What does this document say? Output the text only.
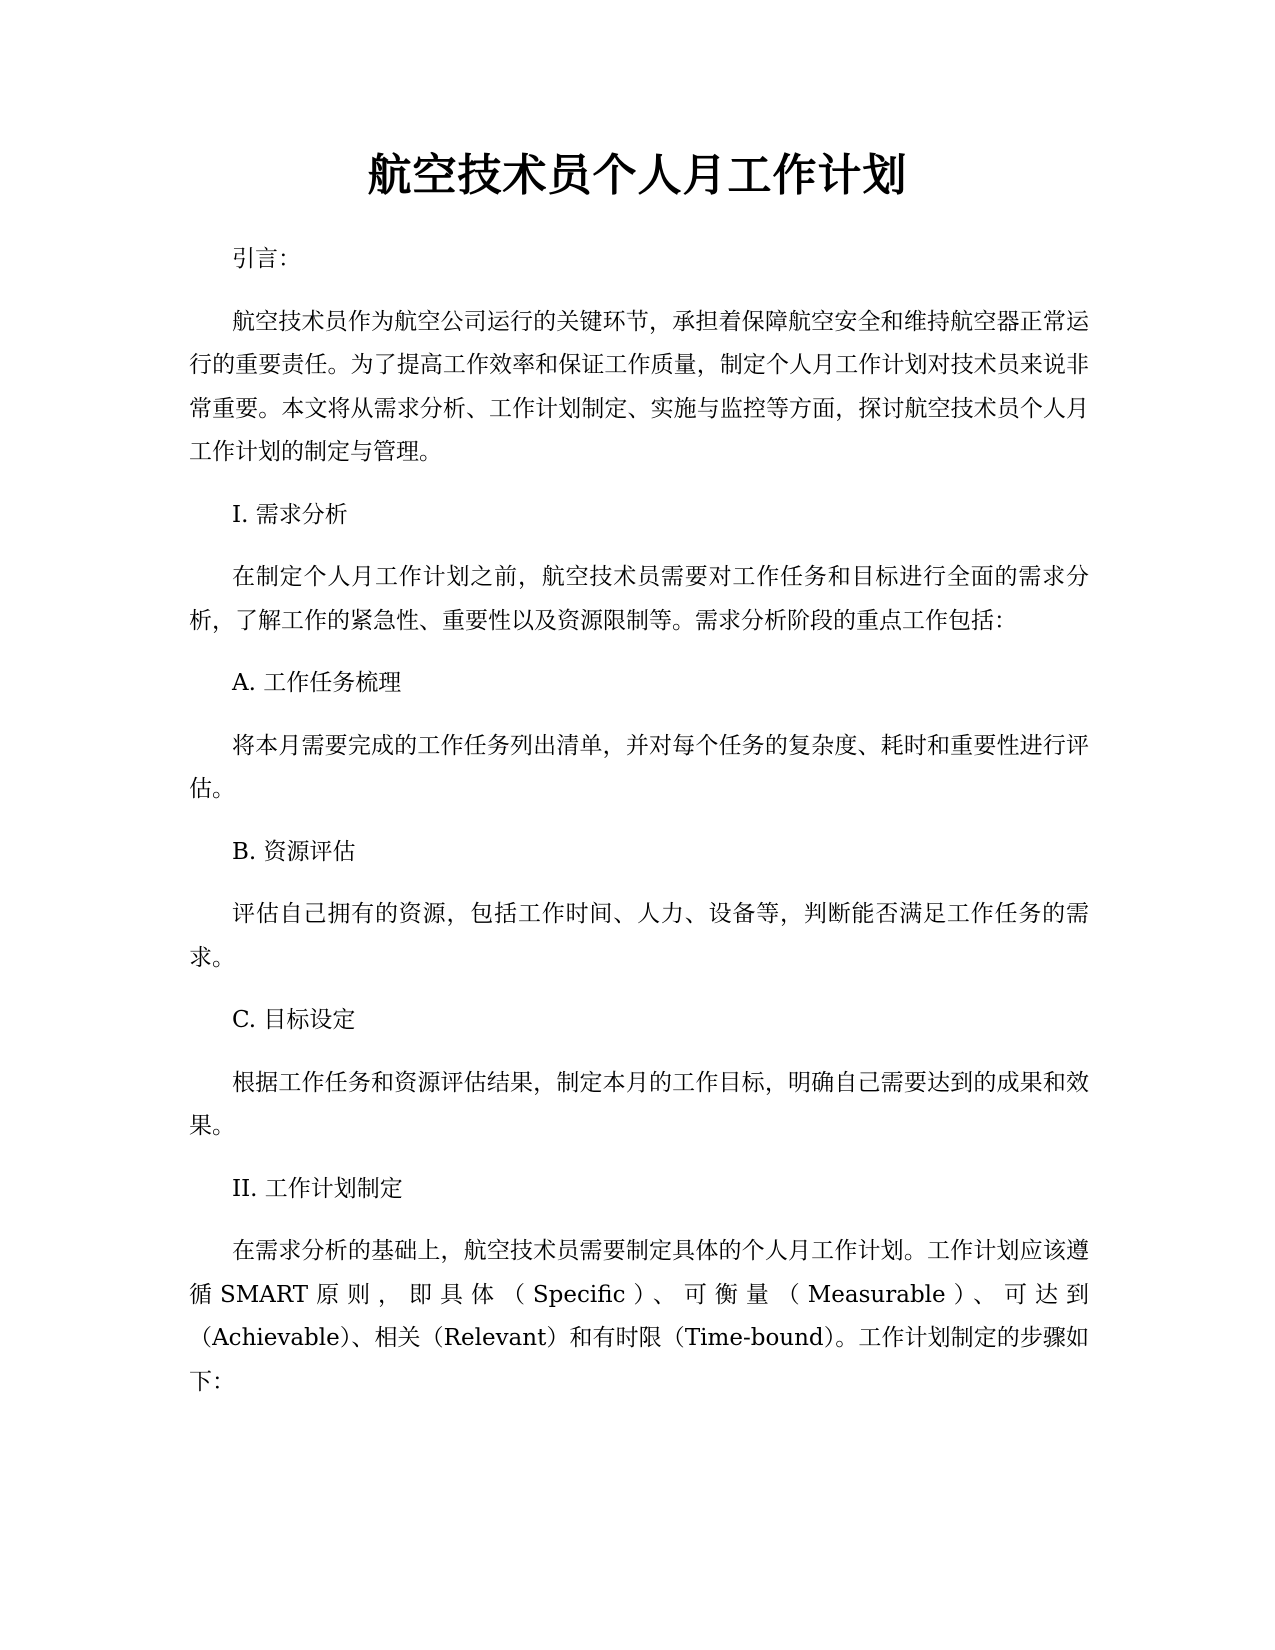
航空技术员个人月工作计划

引言：

航空技术员作为航空公司运行的关键环节，承担着保障航空安全和维持航空器正常运行的重要责任。为了提高工作效率和保证工作质量，制定个人月工作计划对技术员来说非常重要。本文将从需求分析、工作计划制定、实施与监控等方面，探讨航空技术员个人月工作计划的制定与管理。

I. 需求分析

在制定个人月工作计划之前，航空技术员需要对工作任务和目标进行全面的需求分析，了解工作的紧急性、重要性以及资源限制等。需求分析阶段的重点工作包括：

A. 工作任务梳理

将本月需要完成的工作任务列出清单，并对每个任务的复杂度、耗时和重要性进行评估。

B. 资源评估

评估自己拥有的资源，包括工作时间、人力、设备等，判断能否满足工作任务的需求。

C. 目标设定

根据工作任务和资源评估结果，制定本月的工作目标，明确自己需要达到的成果和效果。

II. 工作计划制定

在需求分析的基础上，航空技术员需要制定具体的个人月工作计划。工作计划应该遵循SMART原则，即具体（Specific）、可衡量（Measurable）、可达到（Achievable）、相关（Relevant）和有时限（Time-bound）。工作计划制定的步骤如下：
